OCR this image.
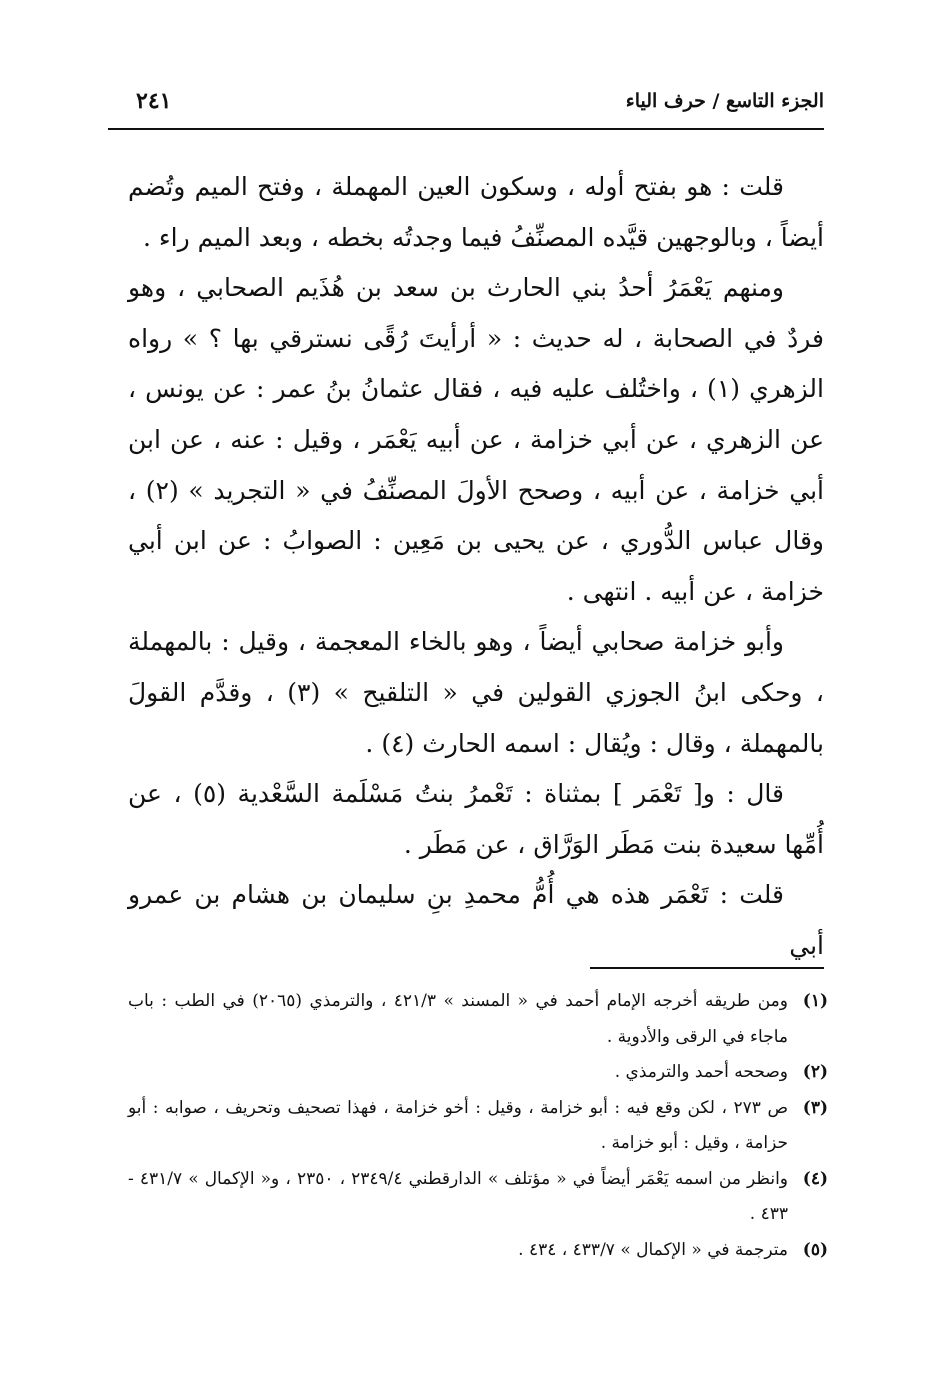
الجزء التاسع / حرف الياء
٢٤١

قلت : هو بفتح أوله ، وسكون العين المهملة ، وفتح الميم وتُضم أيضاً ، وبالوجهين قيَّده المصنِّفُ فيما وجدتُه بخطه ، وبعد الميم راء .

ومنهم يَعْمَرُ أحدُ بني الحارث بن سعد بن هُذَيم الصحابي ، وهو فردٌ في الصحابة ، له حديث : « أرأيتَ رُقًى نسترقي بها ؟ » رواه الزهري (١) ، واختُلف عليه فيه ، فقال عثمانُ بنُ عمر : عن يونس ، عن الزهري ، عن أبي خزامة ، عن أبيه يَعْمَر ، وقيل : عنه ، عن ابن أبي خزامة ، عن أبيه ، وصحح الأولَ المصنِّفُ في « التجريد » (٢) ، وقال عباس الدُّوري ، عن يحيى بن مَعِين : الصوابُ : عن ابن أبي خزامة ، عن أبيه . انتهى .

وأبو خزامة صحابي أيضاً ، وهو بالخاء المعجمة ، وقيل : بالمهملة ، وحكى ابنُ الجوزي القولين في « التلقيح » (٣) ، وقدَّم القولَ بالمهملة ، وقال : ويُقال : اسمه الحارث (٤) .

قال : و[ تَعْمَر ] بمثناة : تَعْمرُ بنتُ مَسْلَمة السَّعْدية (٥) ، عن أُمِّها سعيدة بنت مَطَر الوَرَّاق ، عن مَطَر .

قلت : تَعْمَر هذه هي أُمُّ محمدِ بنِ سليمان بن هشام بن عمرو أبي

(١)
ومن طريقه أخرجه الإمام أحمد في « المسند » ٤٢١/٣ ، والترمذي (٢٠٦٥) في الطب : باب ماجاء في الرقى والأدوية .
(٢)
وصححه أحمد والترمذي .
(٣)
ص ٢٧٣ ، لكن وقع فيه : أبو خزامة ، وقيل : أخو خزامة ، فهذا تصحيف وتحريف ، صوابه : أبو حزامة ، وقيل : أبو خزامة .
(٤)
وانظر من اسمه يَعْمَر أيضاً في « مؤتلف » الدارقطني ٢٣٤٩/٤ ، ٢٣٥٠ ، و« الإكمال » ٤٣١/٧ - ٤٣٣ .
(٥)
مترجمة في « الإكمال » ٤٣٣/٧ ، ٤٣٤ .
